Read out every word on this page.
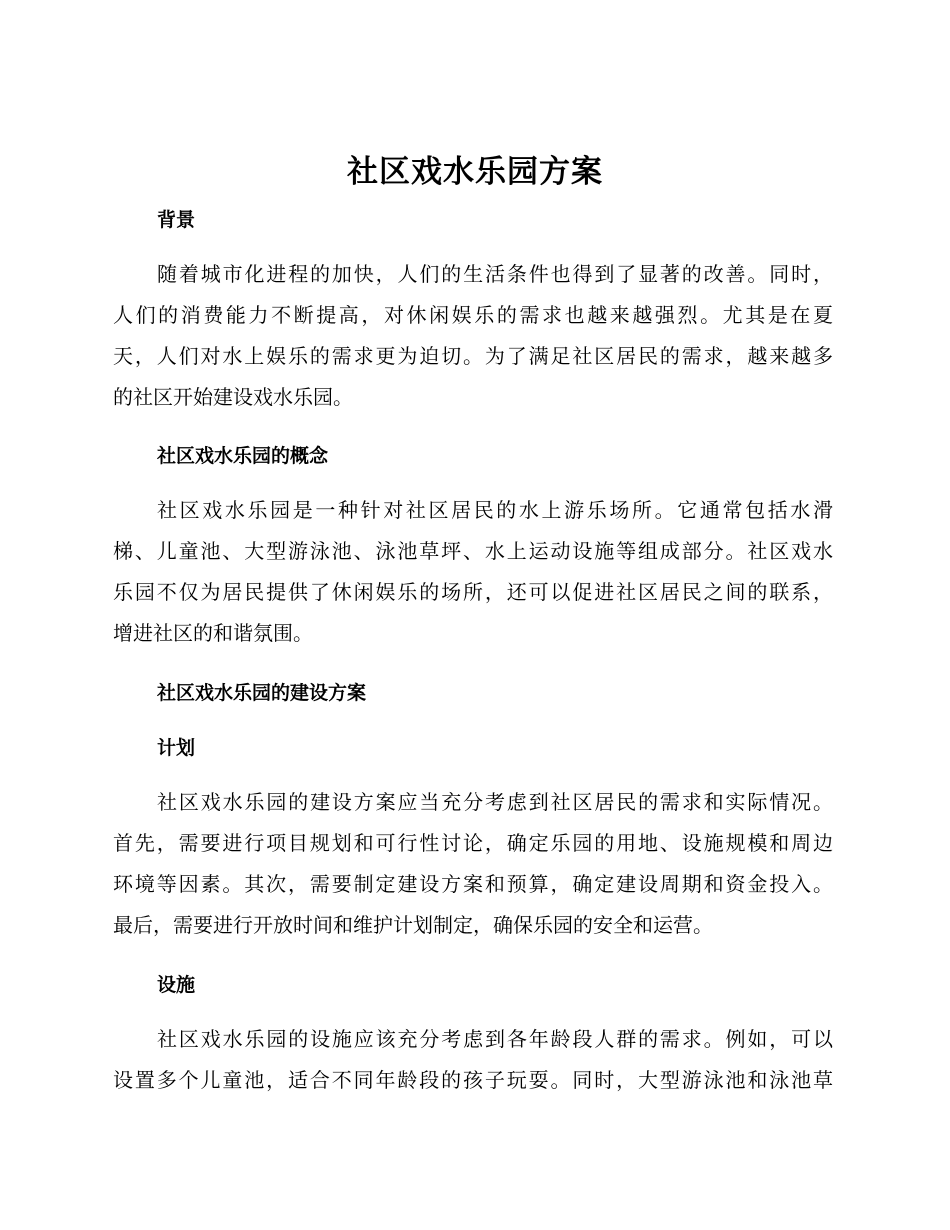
社区戏水乐园方案
背景
随着城市化进程的加快，人们的生活条件也得到了显著的改善。同时，
人们的消费能力不断提高，对休闲娱乐的需求也越来越强烈。尤其是在夏
天，人们对水上娱乐的需求更为迫切。为了满足社区居民的需求，越来越多
的社区开始建设戏水乐园。
社区戏水乐园的概念
社区戏水乐园是一种针对社区居民的水上游乐场所。它通常包括水滑
梯、儿童池、大型游泳池、泳池草坪、水上运动设施等组成部分。社区戏水
乐园不仅为居民提供了休闲娱乐的场所，还可以促进社区居民之间的联系，
增进社区的和谐氛围。
社区戏水乐园的建设方案
计划
社区戏水乐园的建设方案应当充分考虑到社区居民的需求和实际情况。
首先，需要进行项目规划和可行性讨论，确定乐园的用地、设施规模和周边
环境等因素。其次，需要制定建设方案和预算，确定建设周期和资金投入。
最后，需要进行开放时间和维护计划制定，确保乐园的安全和运营。
设施
社区戏水乐园的设施应该充分考虑到各年龄段人群的需求。例如，可以
设置多个儿童池，适合不同年龄段的孩子玩耍。同时，大型游泳池和泳池草
